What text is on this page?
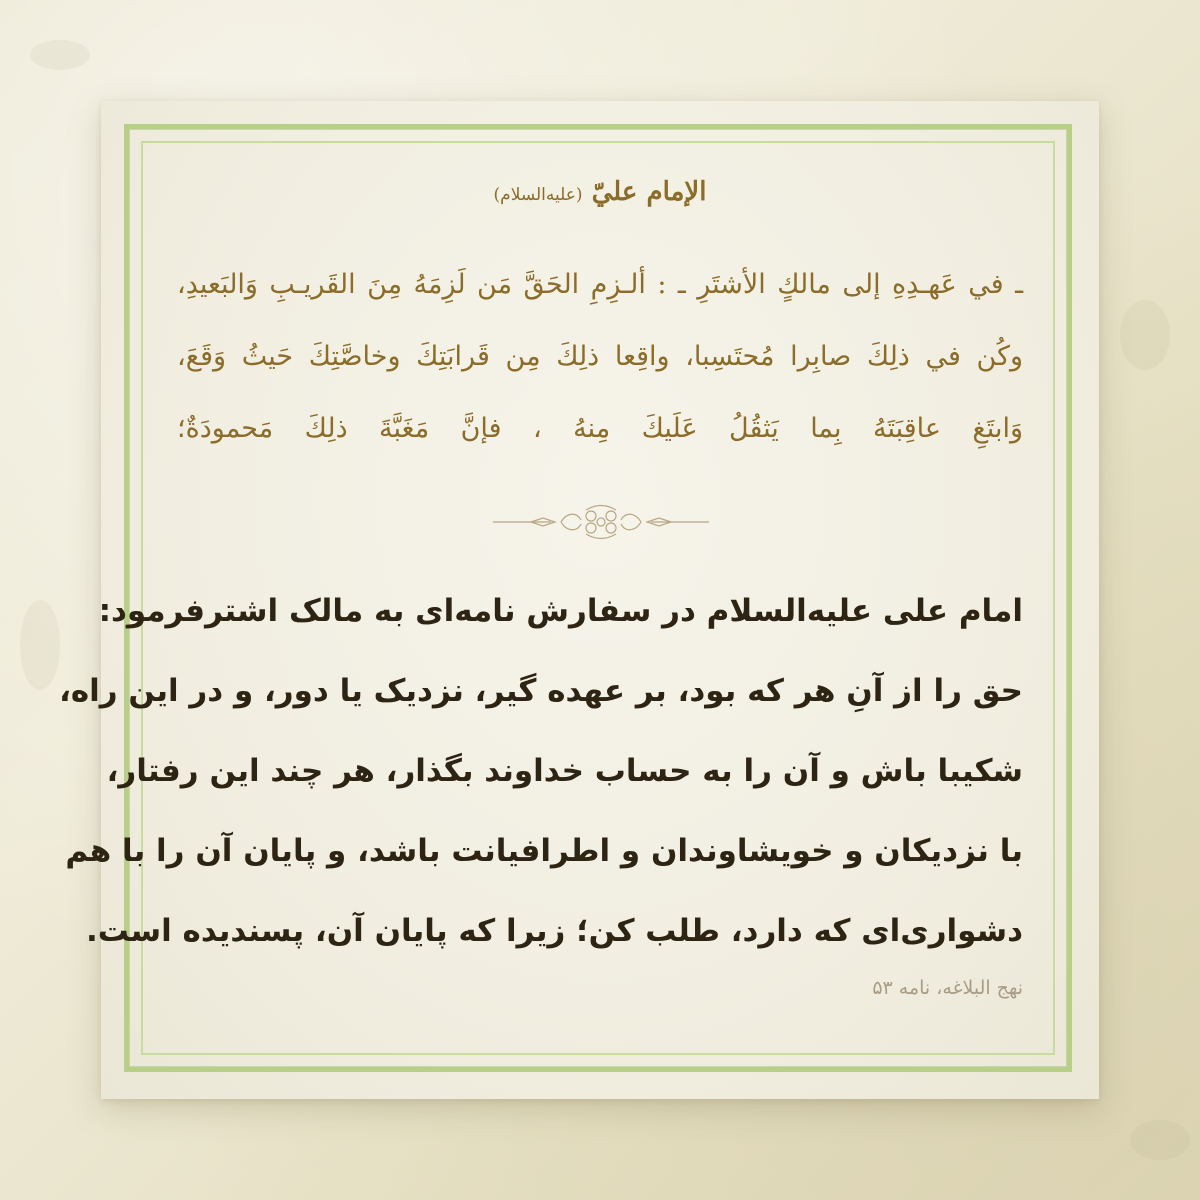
الإمام عليّ (عليه‌السلام)
ـ في عَهـدِهِ إلى مالكٍ الأشتَرِ ـ : ألـزِمِ الحَقَّ مَن لَزِمَهُ مِنَ القَريـبِ وَالبَعيدِ،
وكُن في ذلِكَ صابِرا مُحتَسِبا، واقِعا ذلِكَ مِن قَرابَتِكَ وخاصَّتِكَ حَيثُ وَقَعَ،
وَابتَغِ عاقِبَتَهُ بِما يَثقُلُ عَلَيكَ مِنهُ ، فإنَّ مَغَبَّةَ ذلِكَ مَحمودَةٌ؛
امام على عليه‌السلام در سفارش نامه‌ای به مالک اشترفرمود:
حق را از آنِ هر که بود، بر عهده گیر، نزدیک یا دور، و در این راه،
شکیبا باش و آن را به حساب خداوند بگذار، هر چند این رفتار،
با نزدیکان و خویشاوندان و اطرافیانت باشد، و پایان آن را با هم
دشواری‌ای که دارد، طلب کن؛ زیرا که پایان آن، پسندیده است.
نهج البلاغه، نامه ۵۳
